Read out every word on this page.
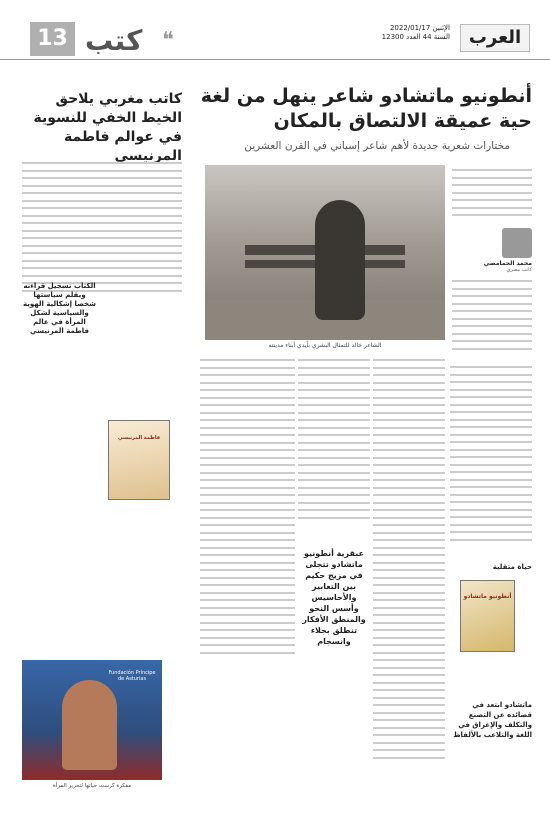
العرب
الإثنين 2022/01/17
السنة 44 العدد 12300
❝
كتب
13
أنطونيو ماتشادو شاعر ينهل من لغة حية عميقة الالتصاق بالمكان
مختارات شعرية جديدة لأهم شاعر إسباني في القرن العشرين
الشاعر خالد للتمثال البشري بأيدي أبناء مدينته
محمد الحمامصي
كاتب مصري
عبقرية أنطونيو ماتشادو تتجلى في مزيج حكيم بين التعابير والأحاسيس وأسس النحو والمنطق الأفكار تنطلق بجلاء وانسجام
حياة متقلبة
أنطونيو ماتشادو
ماتشادو ابتعد في قصائده عن التصنع والتكلف والإغراق في اللغة والتلاعب بالألفاظ
كاتب مغربي يلاحق الخيط الخفي للنسوية في عوالم فاطمة المرنيسي
الكتاب تسجيل قراءته وبقلم سياستها شخصا إشكالية الهوية والسياسية لشكل المرأة في عالم فاطمة المرنيسي
فاطمة المرنيسي
Fundación Príncipe de Asturias
مفكرة كرست حياتها لتحرير المرأة
